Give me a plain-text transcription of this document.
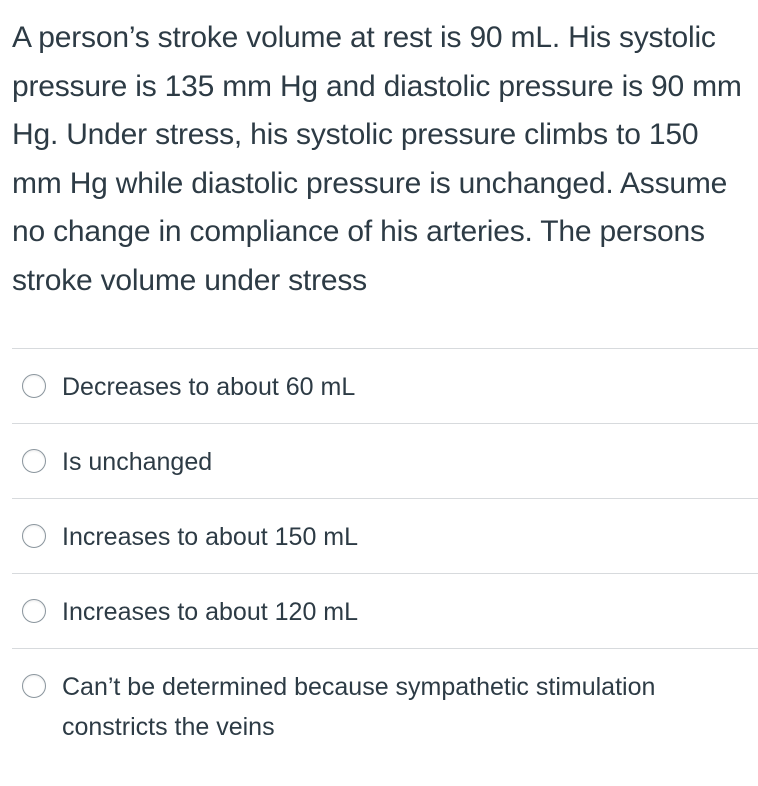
A person’s stroke volume at rest is 90 mL. His systolic pressure is 135 mm Hg and diastolic pressure is 90 mm Hg. Under stress, his systolic pressure climbs to 150 mm Hg while diastolic pressure is unchanged. Assume no change in compliance of his arteries. The persons stroke volume under stress

Decreases to about 60 mL
Is unchanged
Increases to about 150 mL
Increases to about 120 mL
Can’t be determined because sympathetic stimulation constricts the veins
